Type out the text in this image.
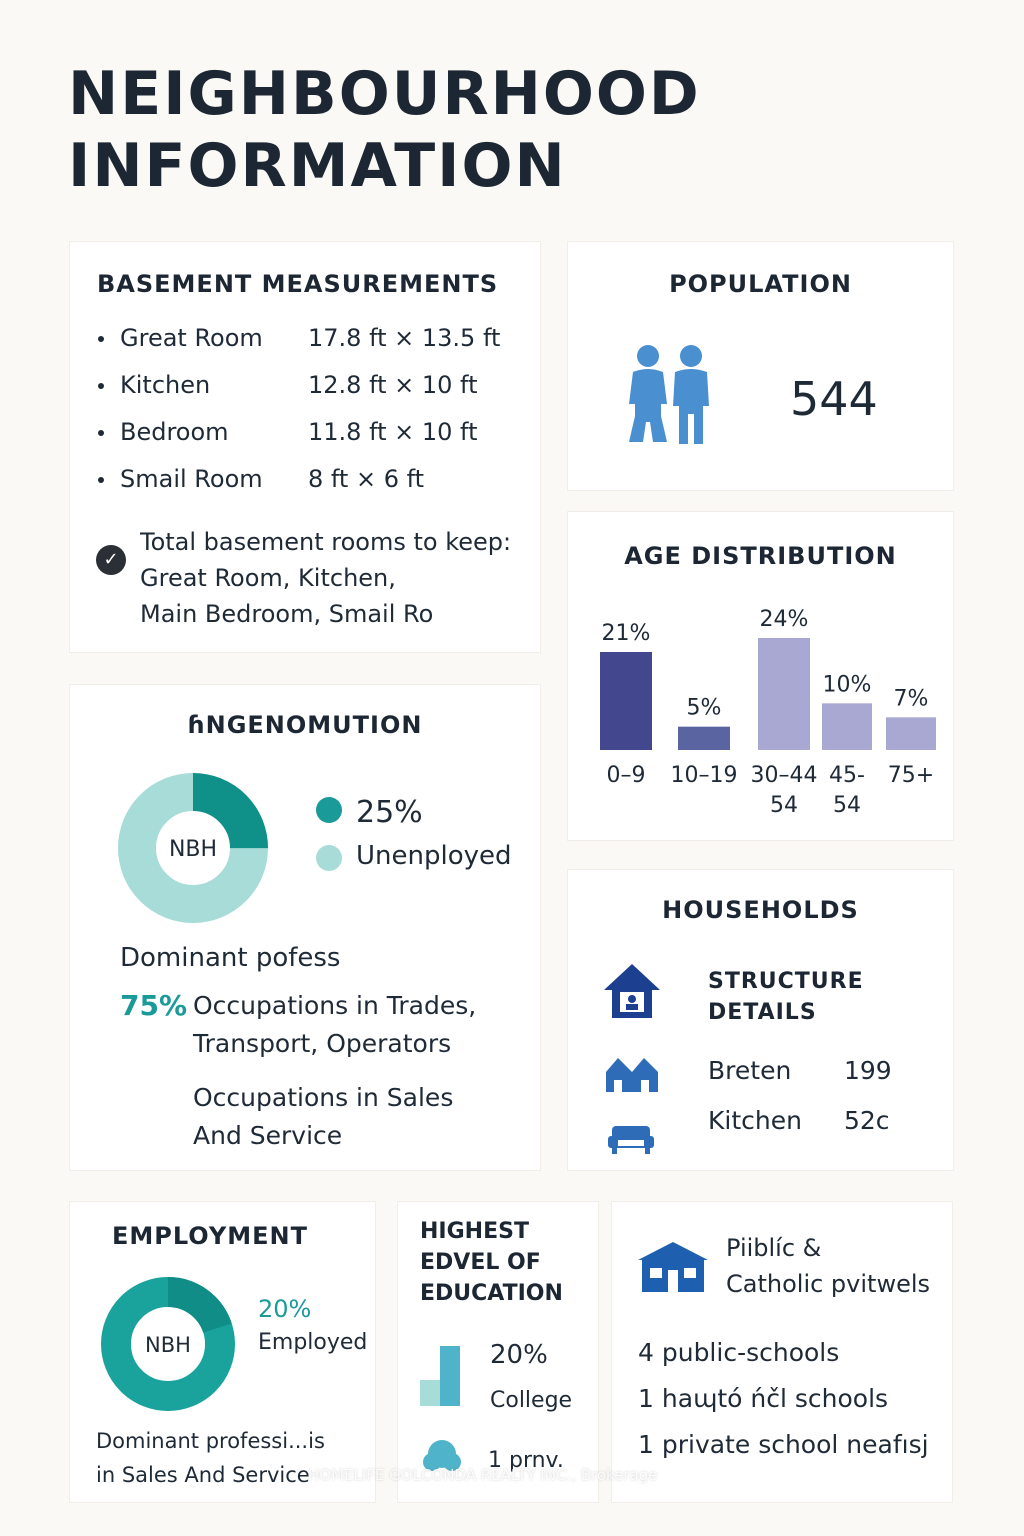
NEIGHBOURHOOD
INFORMATION
BASEMENT MEASUREMENTS
Great Room 17.8 ft × 13.5 ft
Kitchen	12.8 ft × 10 ft
Bedroom	11.8 ft × 10 ft
Smail Room 8 ft × 6 ft
✓
Total basement rooms to keep:
Great Room, Kitchen,
Main Bedroom, Smail Ro
POPULATION
544
AGE DISTRIBUTION
21%
0–9
5%
10–19
24%
30–44
54
10%
45-
54
7%
75+
ɦNGENOMUTION
NBH
25%
Unenployed
Dominant pofess
75% Occupations in Trades,
Transport, Operators
Occupations in Sales
And Service
HOUSEHOLDS
STRUCTURE
DETAILS
Breten 199
Kitchen 52c
EMPLOYMENT
NBH
20%
Employed
Dominant professi...is
in Sales And Service
HIGHEST
EDVEL OF
EDUCATION
20%
College
1 prnv.
Piiblíc &
Catholic pvitwels
4 public-schools
1 haɰtó ńčl schools
1 private school neafısj
HOMELIFE GOLCONDA REALTY INC., Brokerage
